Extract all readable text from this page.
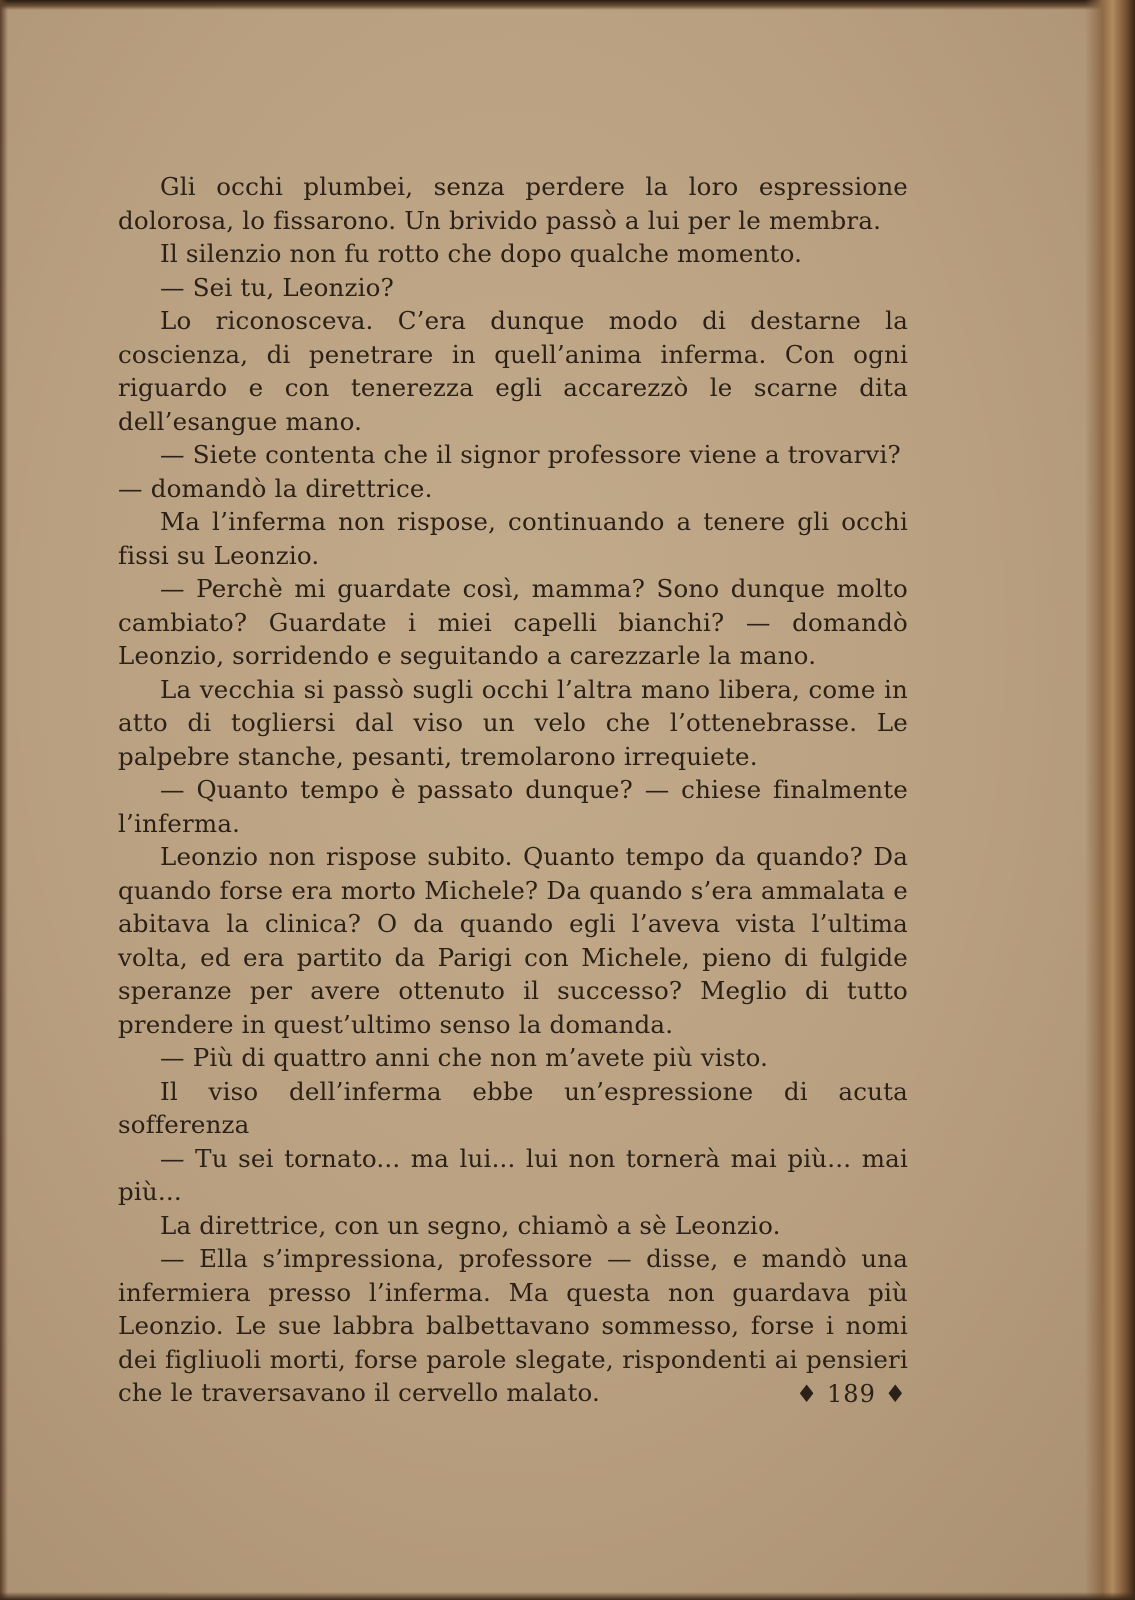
Gli occhi plumbei, senza perdere la loro espressione dolorosa, lo fissarono. Un brivido passò a lui per le membra.

Il silenzio non fu rotto che dopo qualche momento.

— Sei tu, Leonzio?

Lo riconosceva. C’era dunque modo di destarne la coscienza, di penetrare in quell’anima inferma. Con ogni riguardo e con tenerezza egli accarezzò le scarne dita dell’esangue mano.

— Siete contenta che il signor professore viene a trovarvi?

— domandò la direttrice.

Ma l’inferma non rispose, continuando a tenere gli occhi fissi su Leonzio.

— Perchè mi guardate così, mamma? Sono dunque molto cambiato? Guardate i miei capelli bianchi? — domandò Leonzio, sorridendo e seguitando a carezzarle la mano.

La vecchia si passò sugli occhi l’altra mano libera, come in atto di togliersi dal viso un velo che l’ottenebrasse. Le palpebre stanche, pesanti, tremolarono irrequiete.

— Quanto tempo è passato dunque? — chiese finalmente l’inferma.

Leonzio non rispose subito. Quanto tempo da quando? Da quando forse era morto Michele? Da quando s’era ammalata e abitava la clinica? O da quando egli l’aveva vista l’ultima volta, ed era partito da Parigi con Michele, pieno di fulgide speranze per avere ottenuto il successo? Meglio di tutto prendere in quest’ultimo senso la domanda.

— Più di quattro anni che non m’avete più visto.

Il viso dell’inferma ebbe un’espressione di acuta sofferenza

— Tu sei tornato... ma lui... lui non tornerà mai più... mai più...

La direttrice, con un segno, chiamò a sè Leonzio.

— Ella s’impressiona, professore — disse, e mandò una infermiera presso l’inferma. Ma questa non guardava più Leonzio. Le sue labbra balbettavano sommesso, forse i nomi dei figliuoli morti, forse parole slegate, rispondenti ai pensieri che le traversavano il cervello malato.	♦ 189 ♦
